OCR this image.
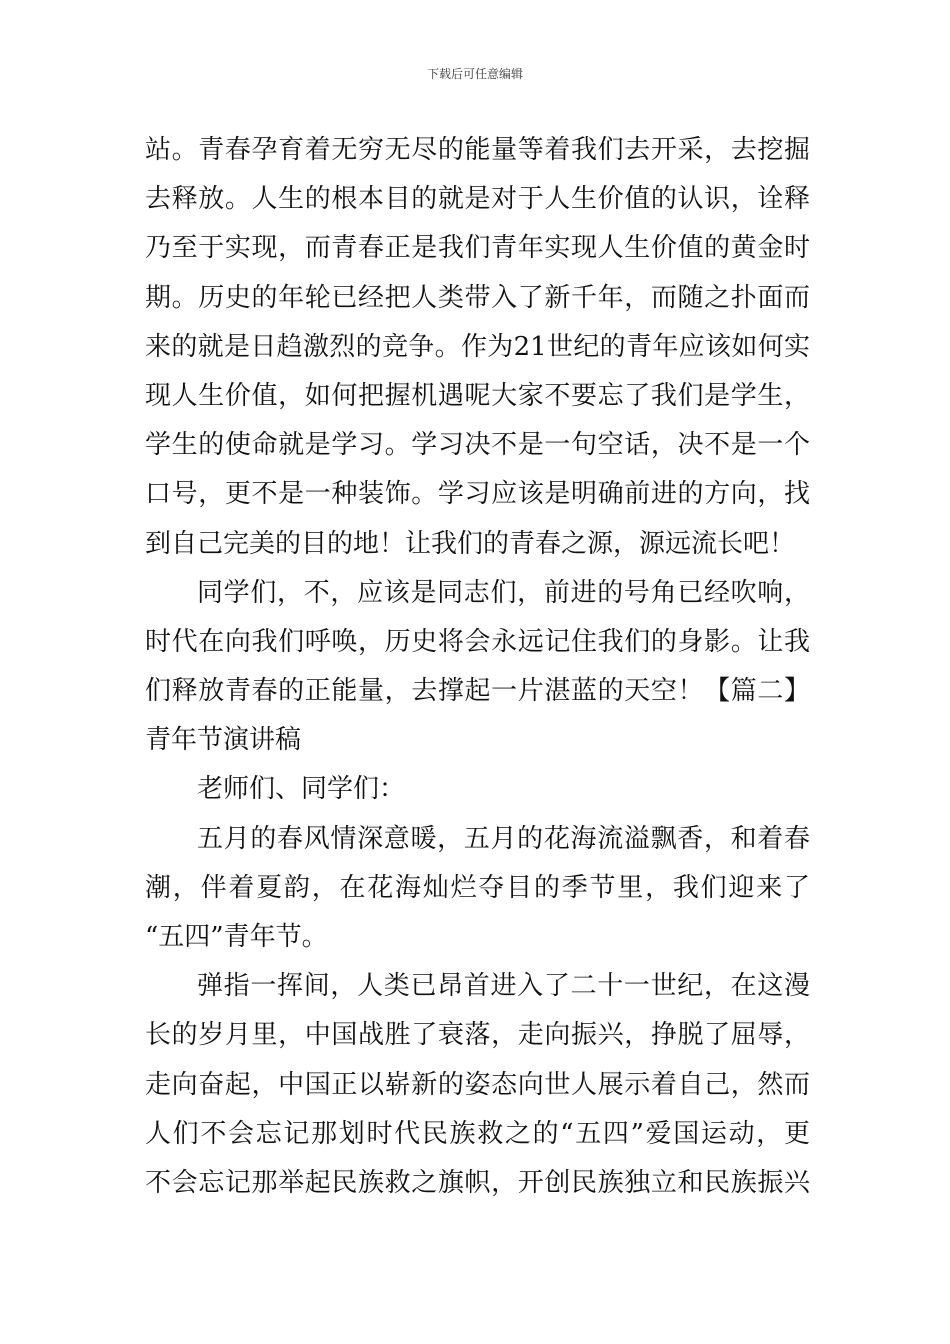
下载后可任意编辑
站。青春孕育着无穷无尽的能量等着我们去开采，去挖掘
去释放。人生的根本目的就是对于人生价值的认识，诠释
乃至于实现，而青春正是我们青年实现人生价值的黄金时
期。历史的年轮已经把人类带入了新千年，而随之扑面而
来的就是日趋激烈的竞争。作为21世纪的青年应该如何实
现人生价值，如何把握机遇呢大家不要忘了我们是学生，
学生的使命就是学习。学习决不是一句空话，决不是一个
口号，更不是一种装饰。学习应该是明确前进的方向，找
到自己完美的目的地！让我们的青春之源，源远流长吧！
同学们，不，应该是同志们，前进的号角已经吹响，
时代在向我们呼唤，历史将会永远记住我们的身影。让我
们释放青春的正能量，去撑起一片湛蓝的天空！【篇二】
青年节演讲稿
老师们、同学们：
五月的春风情深意暖，五月的花海流溢飘香，和着春
潮，伴着夏韵，在花海灿烂夺目的季节里，我们迎来了
“五四”青年节。
弹指一挥间，人类已昂首进入了二十一世纪，在这漫
长的岁月里，中国战胜了衰落，走向振兴，挣脱了屈辱，
走向奋起，中国正以崭新的姿态向世人展示着自己，然而
人们不会忘记那划时代民族救之的“五四”爱国运动，更
不会忘记那举起民族救之旗帜，开创民族独立和民族振兴
